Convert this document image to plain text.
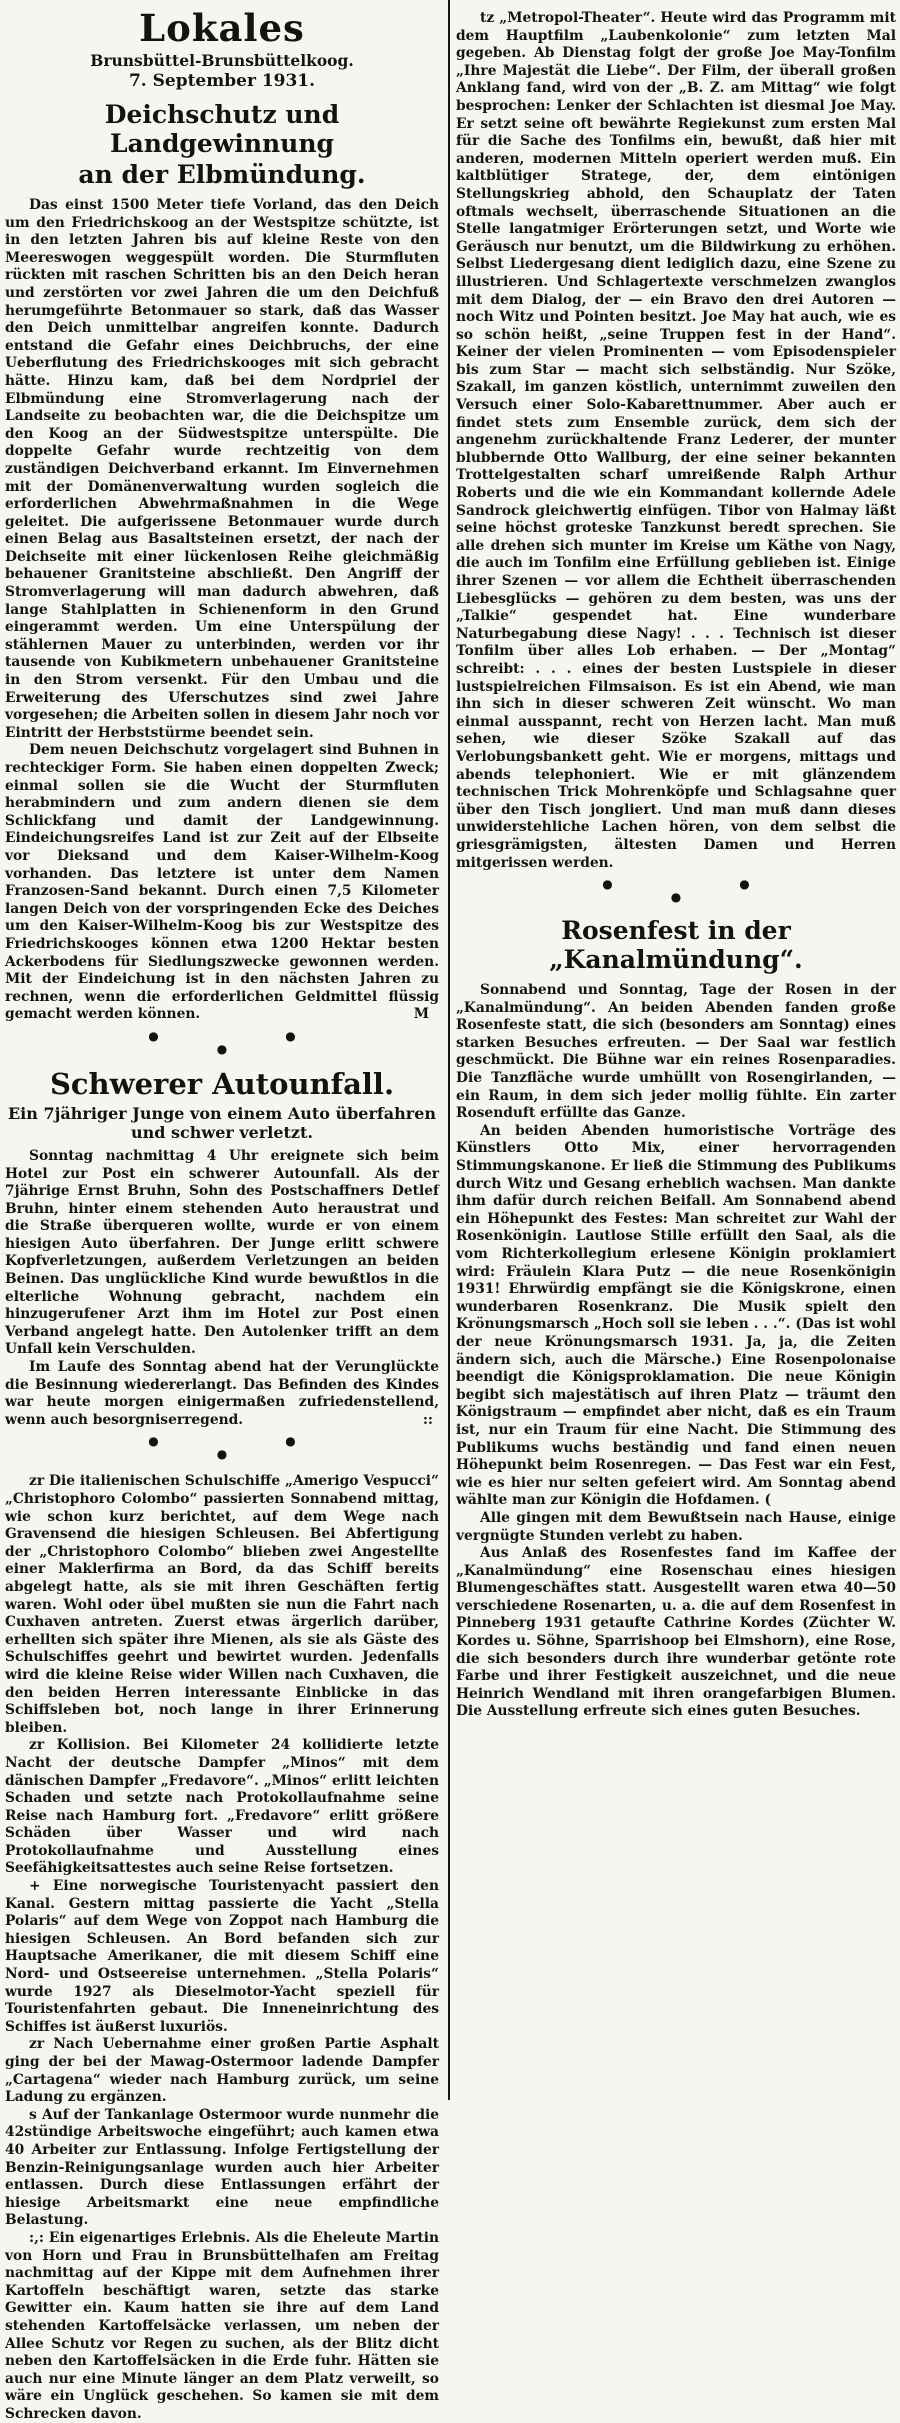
Lokales
Brunsbüttel-Brunsbüttelkoog.
7. September 1931.
Deichschutz und Landgewinnung
an der Elbmündung.

Das einst 1500 Meter tiefe Vorland, das den Deich um den Friedrichskoog an der Westspitze schützte, ist in den letzten Jahren bis auf kleine Reste von den Meereswogen weggespült worden. Die Sturmfluten rückten mit raschen Schritten bis an den Deich heran und zerstörten vor zwei Jahren die um den Deichfuß herumgeführte Betonmauer so stark, daß das Wasser den Deich unmittelbar angreifen konnte. Dadurch entstand die Gefahr eines Deichbruchs, der eine Ueberflutung des Friedrichskooges mit sich gebracht hätte. Hinzu kam, daß bei dem Nordpriel der Elbmündung eine Stromverlagerung nach der Landseite zu beobachten war, die die Deichspitze um den Koog an der Südwestspitze unterspülte. Die doppelte Gefahr wurde rechtzeitig von dem zuständigen Deichverband erkannt. Im Einvernehmen mit der Domänenverwaltung wurden sogleich die erforderlichen Abwehrmaßnahmen in die Wege geleitet. Die aufgerissene Betonmauer wurde durch einen Belag aus Basaltsteinen ersetzt, der nach der Deichseite mit einer lückenlosen Reihe gleichmäßig behauener Granitsteine abschließt. Den Angriff der Stromverlagerung will man dadurch abwehren, daß lange Stahlplatten in Schienenform in den Grund eingerammt werden. Um eine Unterspülung der stählernen Mauer zu unterbinden, werden vor ihr tausende von Kubikmetern unbehauener Granitsteine in den Strom versenkt. Für den Umbau und die Erweiterung des Uferschutzes sind zwei Jahre vorgesehen; die Arbeiten sollen in diesem Jahr noch vor Eintritt der Herbststürme beendet sein.

Dem neuen Deichschutz vorgelagert sind Buhnen in rechteckiger Form. Sie haben einen doppelten Zweck; einmal sollen sie die Wucht der Sturmfluten herabmindern und zum andern dienen sie dem Schlickfang und damit der Landgewinnung. Eindeichungsreifes Land ist zur Zeit auf der Elbseite vor Dieksand und dem Kaiser-Wilhelm-Koog vorhanden. Das letztere ist unter dem Namen Franzosen-Sand bekannt. Durch einen 7,5 Kilometer langen Deich von der vorspringenden Ecke des Deiches um den Kaiser-Wilhelm-Koog bis zur Westspitze des Friedrichskooges können etwa 1200 Hektar besten Ackerbodens für Siedlungszwecke gewonnen werden. Mit der Eindeichung ist in den nächsten Jahren zu rechnen, wenn die erforderlichen Geldmittel flüssig gemacht werden können.	M

●
●
●
Schwerer Autounfall.
Ein 7jähriger Junge von einem Auto überfahren
und schwer verletzt.

Sonntag nachmittag 4 Uhr ereignete sich beim Hotel zur Post ein schwerer Autounfall. Als der 7jährige Ernst Bruhn, Sohn des Postschaffners Detlef Bruhn, hinter einem stehenden Auto heraustrat und die Straße überqueren wollte, wurde er von einem hiesigen Auto überfahren. Der Junge erlitt schwere Kopfverletzungen, außerdem Verletzungen an beiden Beinen. Das unglückliche Kind wurde bewußtlos in die elterliche Wohnung gebracht, nachdem ein hinzugerufener Arzt ihm im Hotel zur Post einen Verband angelegt hatte. Den Autolenker trifft an dem Unfall kein Verschulden.

Im Laufe des Sonntag abend hat der Verunglückte die Besinnung wiedererlangt. Das Befinden des Kindes war heute morgen einigermaßen zufriedenstellend, wenn auch besorgniserregend.	::

●
●
●

zr Die italienischen Schulschiffe „Amerigo Vespucci“ „Christophoro Colombo“ passierten Sonnabend mittag, wie schon kurz berichtet, auf dem Wege nach Gravensend die hiesigen Schleusen. Bei Abfertigung der „Christophoro Colombo“ blieben zwei Angestellte einer Maklerfirma an Bord, da das Schiff bereits abgelegt hatte, als sie mit ihren Geschäften fertig waren. Wohl oder übel mußten sie nun die Fahrt nach Cuxhaven antreten. Zuerst etwas ärgerlich darüber, erhellten sich später ihre Mienen, als sie als Gäste des Schulschiffes geehrt und bewirtet wurden. Jedenfalls wird die kleine Reise wider Willen nach Cuxhaven, die den beiden Herren interessante Einblicke in das Schiffsleben bot, noch lange in ihrer Erinnerung bleiben.

zr Kollision. Bei Kilometer 24 kollidierte letzte Nacht der deutsche Dampfer „Minos“ mit dem dänischen Dampfer „Fredavore“. „Minos“ erlitt leichten Schaden und setzte nach Protokollaufnahme seine Reise nach Hamburg fort. „Fredavore“ erlitt größere Schäden über Wasser und wird nach Protokollaufnahme und Ausstellung eines Seefähigkeitsattestes auch seine Reise fortsetzen.

+ Eine norwegische Touristenyacht passiert den Kanal. Gestern mittag passierte die Yacht „Stella Polaris“ auf dem Wege von Zoppot nach Hamburg die hiesigen Schleusen. An Bord befanden sich zur Hauptsache Amerikaner, die mit diesem Schiff eine Nord- und Ostseereise unternehmen. „Stella Polaris“ wurde 1927 als Dieselmotor-Yacht speziell für Touristenfahrten gebaut. Die Inneneinrichtung des Schiffes ist äußerst luxuriös.

zr Nach Uebernahme einer großen Partie Asphalt ging der bei der Mawag-Ostermoor ladende Dampfer „Cartagena“ wieder nach Hamburg zurück, um seine Ladung zu ergänzen.

s Auf der Tankanlage Ostermoor wurde nunmehr die 42stündige Arbeitswoche eingeführt; auch kamen etwa 40 Arbeiter zur Entlassung. Infolge Fertigstellung der Benzin-Reinigungsanlage wurden auch hier Arbeiter entlassen. Durch diese Entlassungen erfährt der hiesige Arbeitsmarkt eine neue empfindliche Belastung.

:,: Ein eigenartiges Erlebnis. Als die Eheleute Martin von Horn und Frau in Brunsbüttelhafen am Freitag nachmittag auf der Kippe mit dem Aufnehmen ihrer Kartoffeln beschäftigt waren, setzte das starke Gewitter ein. Kaum hatten sie ihre auf dem Land stehenden Kartoffelsäcke verlassen, um neben der Allee Schutz vor Regen zu suchen, als der Blitz dicht neben den Kartoffelsäcken in die Erde fuhr. Hätten sie auch nur eine Minute länger an dem Platz verweilt, so wäre ein Unglück geschehen. So kamen sie mit dem Schrecken davon.

tz „Metropol-Theater“. Heute wird das Programm mit dem Hauptfilm „Laubenkolonie“ zum letzten Mal gegeben. Ab Dienstag folgt der große Joe May-Tonfilm „Ihre Majestät die Liebe“. Der Film, der überall großen Anklang fand, wird von der „B. Z. am Mittag“ wie folgt besprochen: Lenker der Schlachten ist diesmal Joe May. Er setzt seine oft bewährte Regiekunst zum ersten Mal für die Sache des Tonfilms ein, bewußt, daß hier mit anderen, modernen Mitteln operiert werden muß. Ein kaltblütiger Stratege, der, dem eintönigen Stellungskrieg abhold, den Schauplatz der Taten oftmals wechselt, überraschende Situationen an die Stelle langatmiger Erörterungen setzt, und Worte wie Geräusch nur benutzt, um die Bildwirkung zu erhöhen. Selbst Liedergesang dient lediglich dazu, eine Szene zu illustrieren. Und Schlagertexte verschmelzen zwanglos mit dem Dialog, der — ein Bravo den drei Autoren — noch Witz und Pointen besitzt. Joe May hat auch, wie es so schön heißt, „seine Truppen fest in der Hand“. Keiner der vielen Prominenten — vom Episodenspieler bis zum Star — macht sich selbständig. Nur Szöke, Szakall, im ganzen köstlich, unternimmt zuweilen den Versuch einer Solo-Kabarettnummer. Aber auch er findet stets zum Ensemble zurück, dem sich der angenehm zurückhaltende Franz Lederer, der munter blubbernde Otto Wallburg, der eine seiner bekannten Trottelgestalten scharf umreißende Ralph Arthur Roberts und die wie ein Kommandant kollernde Adele Sandrock gleichwertig einfügen. Tibor von Halmay läßt seine höchst groteske Tanzkunst beredt sprechen. Sie alle drehen sich munter im Kreise um Käthe von Nagy, die auch im Tonfilm eine Erfüllung geblieben ist. Einige ihrer Szenen — vor allem die Echtheit überraschenden Liebesglücks — gehören zu dem besten, was uns der „Talkie“ gespendet hat. Eine wunderbare Naturbegabung diese Nagy! . . . Technisch ist dieser Tonfilm über alles Lob erhaben. — Der „Montag“ schreibt: . . . eines der besten Lustspiele in dieser lustspielreichen Filmsaison. Es ist ein Abend, wie man ihn sich in dieser schweren Zeit wünscht. Wo man einmal ausspannt, recht von Herzen lacht. Man muß sehen, wie dieser Szöke Szakall auf das Verlobungsbankett geht. Wie er morgens, mittags und abends telephoniert. Wie er mit glänzendem technischen Trick Mohrenköpfe und Schlagsahne quer über den Tisch jongliert. Und man muß dann dieses unwiderstehliche Lachen hören, von dem selbst die griesgrämigsten, ältesten Damen und Herren mitgerissen werden.

●
●
●
Rosenfest in der „Kanalmündung“.

Sonnabend und Sonntag, Tage der Rosen in der „Kanalmündung“. An beiden Abenden fanden große Rosenfeste statt, die sich (besonders am Sonntag) eines starken Besuches erfreuten. — Der Saal war festlich geschmückt. Die Bühne war ein reines Rosenparadies. Die Tanzfläche wurde umhüllt von Rosengirlanden, — ein Raum, in dem sich jeder mollig fühlte. Ein zarter Rosenduft erfüllte das Ganze.

An beiden Abenden humoristische Vorträge des Künstlers Otto Mix, einer hervorragenden Stimmungskanone. Er ließ die Stimmung des Publikums durch Witz und Gesang erheblich wachsen. Man dankte ihm dafür durch reichen Beifall. Am Sonnabend abend ein Höhepunkt des Festes: Man schreitet zur Wahl der Rosenkönigin. Lautlose Stille erfüllt den Saal, als die vom Richterkollegium erlesene Königin proklamiert wird: Fräulein Klara Putz — die neue Rosenkönigin 1931! Ehrwürdig empfängt sie die Königskrone, einen wunderbaren Rosenkranz. Die Musik spielt den Krönungsmarsch „Hoch soll sie leben . . .“. (Das ist wohl der neue Krönungsmarsch 1931. Ja, ja, die Zeiten ändern sich, auch die Märsche.) Eine Rosenpolonaise beendigt die Königsproklamation. Die neue Königin begibt sich majestätisch auf ihren Platz — träumt den Königstraum — empfindet aber nicht, daß es ein Traum ist, nur ein Traum für eine Nacht. Die Stimmung des Publikums wuchs beständig und fand einen neuen Höhepunkt beim Rosenregen. — Das Fest war ein Fest, wie es hier nur selten gefeiert wird. Am Sonntag abend wählte man zur Königin die Hofdamen. (

Alle gingen mit dem Bewußtsein nach Hause, einige vergnügte Stunden verlebt zu haben.

Aus Anlaß des Rosenfestes fand im Kaffee der „Kanalmündung“ eine Rosenschau eines hiesigen Blumengeschäftes statt. Ausgestellt waren etwa 40—50 verschiedene Rosenarten, u. a. die auf dem Rosenfest in Pinneberg 1931 getaufte Cathrine Kordes (Züchter W. Kordes u. Söhne, Sparrishoop bei Elmshorn), eine Rose, die sich besonders durch ihre wunderbar getönte rote Farbe und ihrer Festigkeit auszeichnet, und die neue Heinrich Wendland mit ihren orangefarbigen Blumen. Die Ausstellung erfreute sich eines guten Besuches.
